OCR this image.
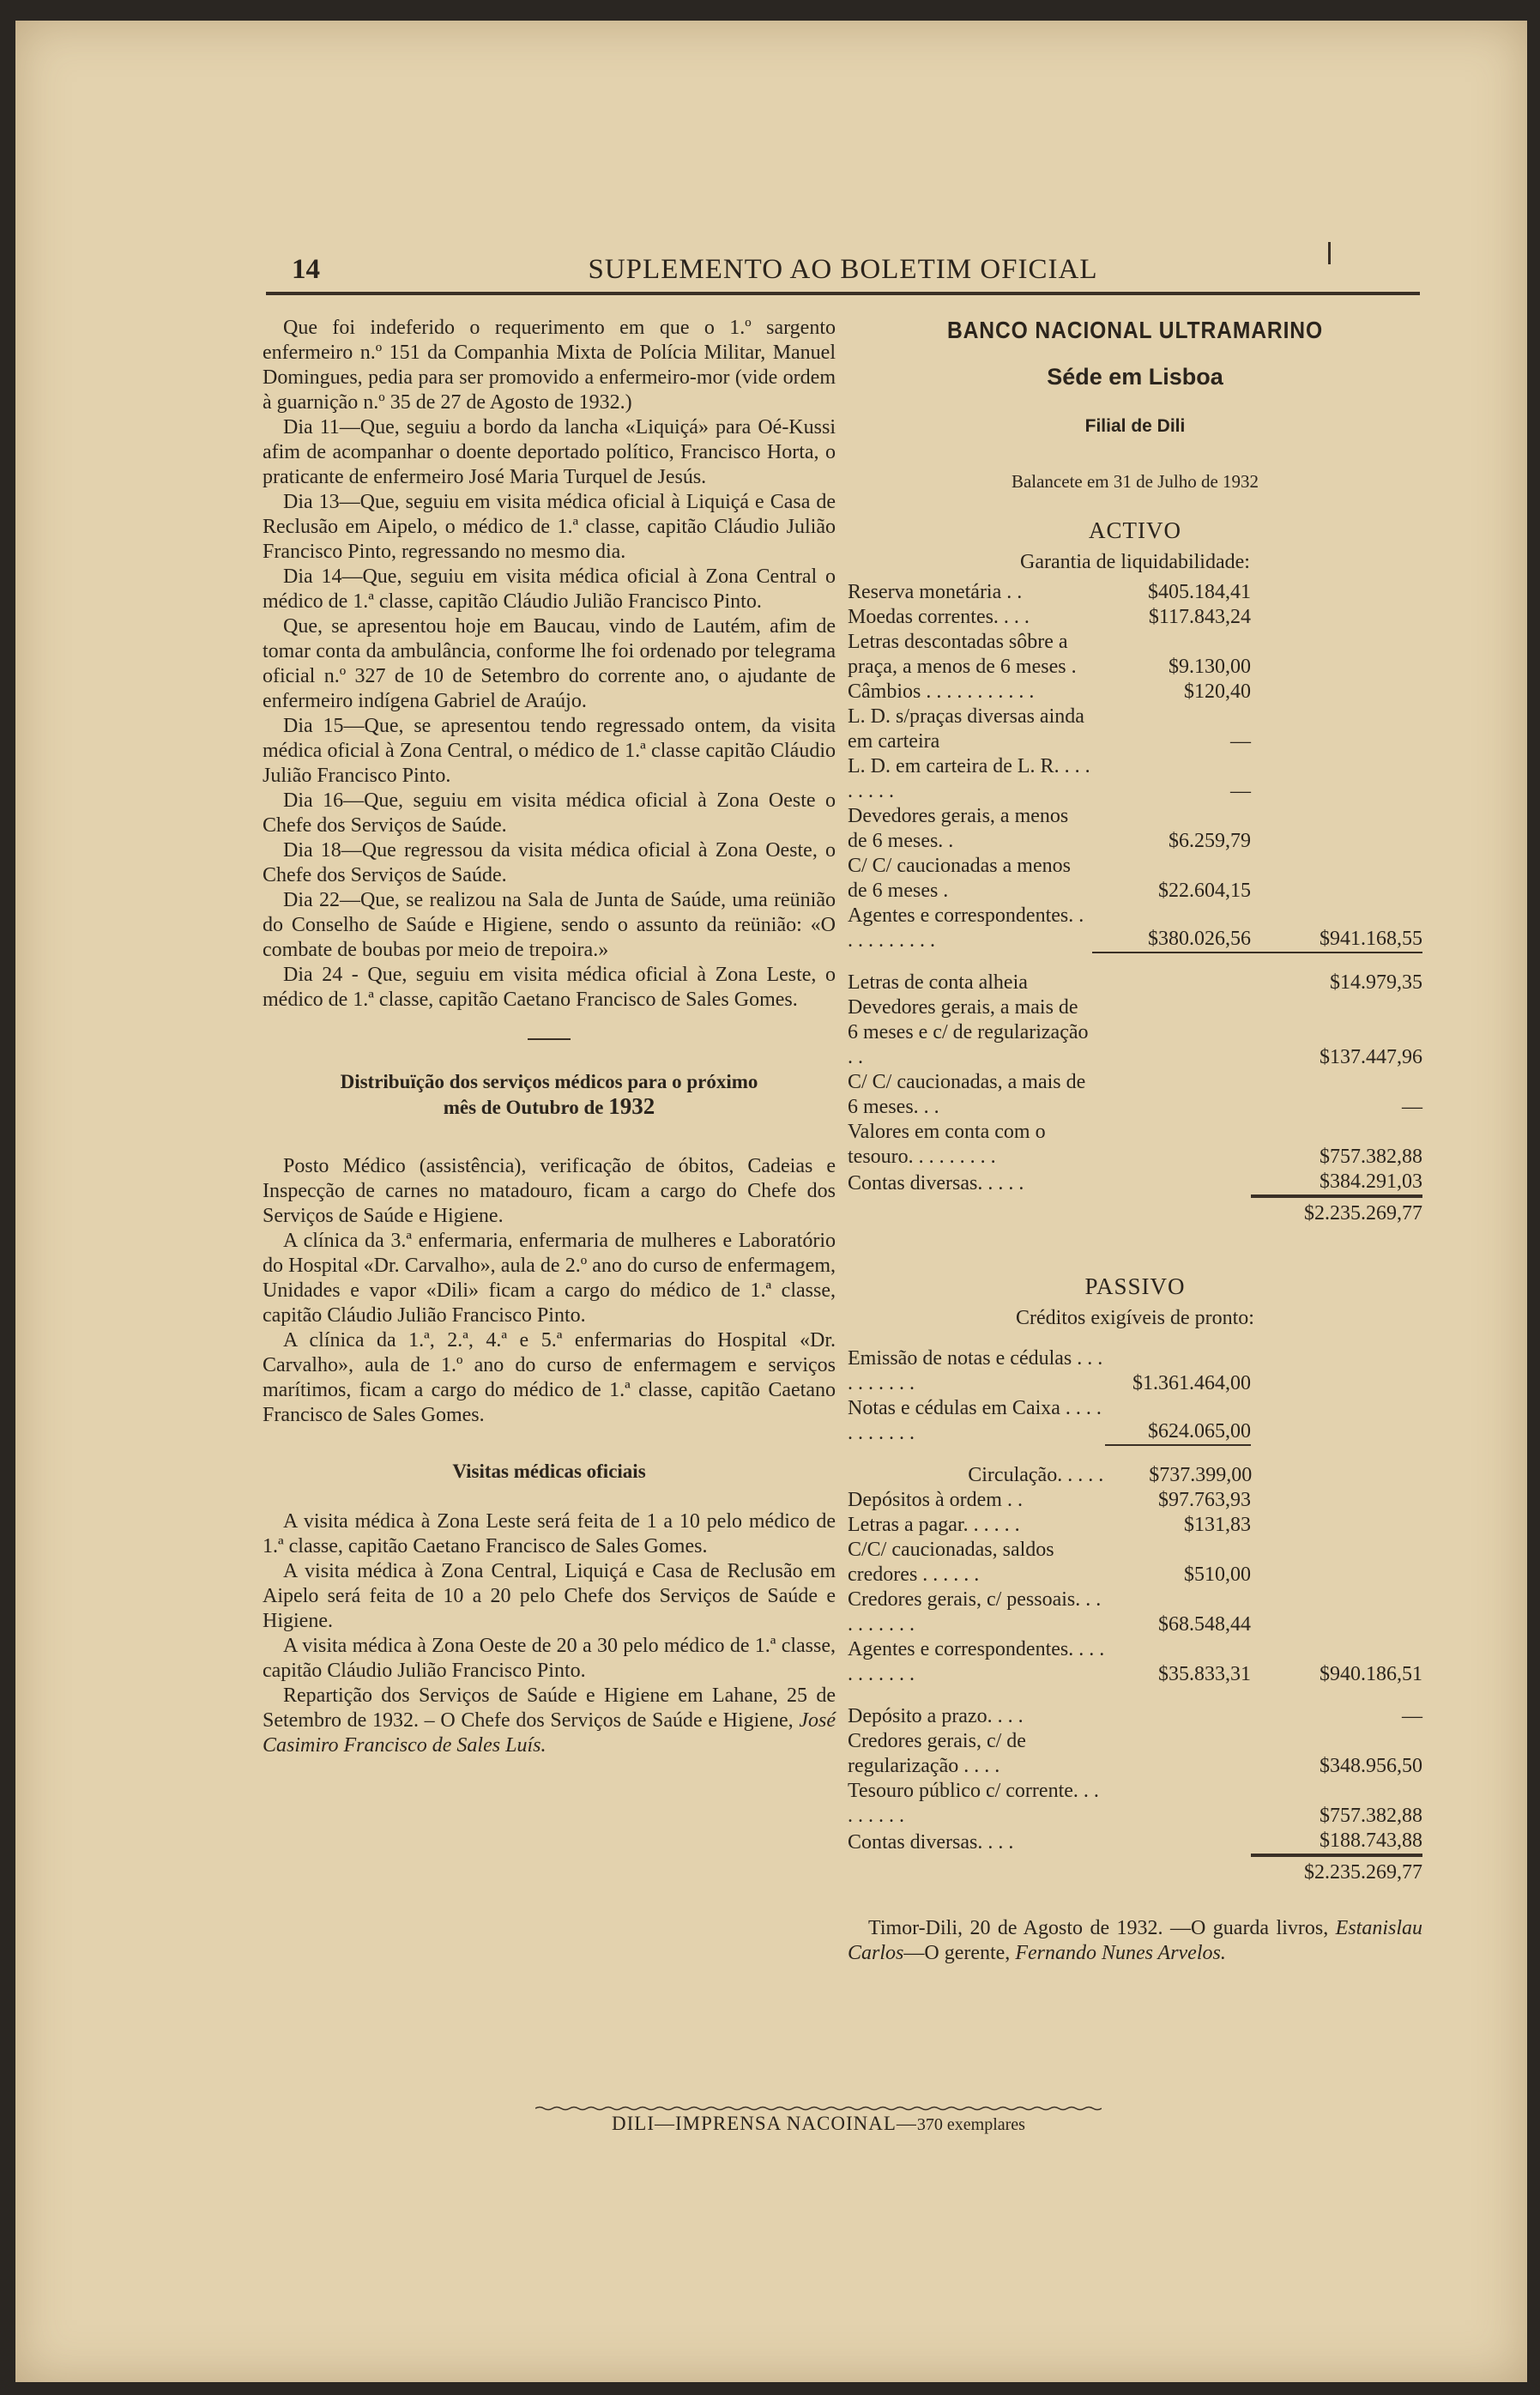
14	SUPLEMENTO AO BOLETIM OFICIAL

Que foi indeferido o requerimento em que o 1.º sargento enfermeiro n.º 151 da Companhia Mixta de Polícia Militar, Manuel Domingues, pedia para ser promovido a enfermeiro-mor (vide ordem à guarnição n.º 35 de 27 de Agosto de 1932.)

Dia 11—Que, seguiu a bordo da lancha «Liquiçá» para Oé-Kussi afim de acompanhar o doente deportado político, Francisco Horta, o praticante de enfermeiro José Maria Turquel de Jesús.

Dia 13—Que, seguiu em visita médica oficial à Liquiçá e Casa de Reclusão em Aipelo, o médico de 1.ª classe, capitão Cláudio Julião Francisco Pinto, regressando no mesmo dia.

Dia 14—Que, seguiu em visita médica oficial à Zona Central o médico de 1.ª classe, capitão Cláudio Julião Francisco Pinto.

Que, se apresentou hoje em Baucau, vindo de Lautém, afim de tomar conta da ambulância, conforme lhe foi ordenado por telegrama oficial n.º 327 de 10 de Setembro do corrente ano, o ajudante de enfermeiro indígena Gabriel de Araújo.

Dia 15—Que, se apresentou tendo regressado ontem, da visita médica oficial à Zona Central, o médico de 1.ª classe capitão Cláudio Julião Francisco Pinto.

Dia 16—Que, seguiu em visita médica oficial à Zona Oeste o Chefe dos Serviços de Saúde.

Dia 18—Que regressou da visita médica oficial à Zona Oeste, o Chefe dos Serviços de Saúde.

Dia 22—Que, se realizou na Sala de Junta de Saúde, uma reünião do Conselho de Saúde e Higiene, sendo o assunto da reünião: «O combate de boubas por meio de trepoira.»

Dia 24 - Que, seguiu em visita médica oficial à Zona Leste, o médico de 1.ª classe, capitão Caetano Francisco de Sales Gomes.

Distribuïção dos serviços médicos para o próximo
mês de Outubro de 1932

Posto Médico (assistência), verificação de óbitos, Cadeias e Inspecção de carnes no matadouro, ficam a cargo do Chefe dos Serviços de Saúde e Higiene.

A clínica da 3.ª enfermaria, enfermaria de mulheres e Laboratório do Hospital «Dr. Carvalho», aula de 2.º ano do curso de enfermagem, Unidades e vapor «Dili» ficam a cargo do médico de 1.ª classe, capitão Cláudio Julião Francisco Pinto.

A clínica da 1.ª, 2.ª, 4.ª e 5.ª enfermarias do Hospital «Dr. Carvalho», aula de 1.º ano do curso de enfermagem e serviços marítimos, ficam a cargo do médico de 1.ª classe, capitão Caetano Francisco de Sales Gomes.

Visitas médicas oficiais

A visita médica à Zona Leste será feita de 1 a 10 pelo médico de 1.ª classe, capitão Caetano Francisco de Sales Gomes.

A visita médica à Zona Central, Liquiçá e Casa de Reclusão em Aipelo será feita de 10 a 20 pelo Chefe dos Serviços de Saúde e Higiene.

A visita médica à Zona Oeste de 20 a 30 pelo médico de 1.ª classe, capitão Cláudio Julião Francisco Pinto.

Repartição dos Serviços de Saúde e Higiene em Lahane, 25 de Setembro de 1932. – O Chefe dos Serviços de Saúde e Higiene, José Casimiro Francisco de Sales Luís.

BANCO NACIONAL ULTRAMARINO
Séde em Lisboa
Filial de Dili
Balancete em 31 de Julho de 1932
ACTIVO
Garantia de liquidabilidade:
Reserva monetária . .	$405.184,41
Moedas correntes. . . .	$117.843,24
Letras descontadas sôbre a praça, a menos de 6 meses .	$9.130,00
Câmbios . . . . . . . . . . .	$120,40
L. D. s/praças diversas ainda em carteira	—
L. D. em carteira de L. R. . . . . . . . .	—
Devedores gerais, a menos de 6 meses. .	$6.259,79
C/ C/ caucionadas a menos de 6 meses .	$22.604,15
Agentes e correspondentes. . . . . . . . . . .	$380.026,56	$941.168,55
Letras de conta alheia	$14.979,35
Devedores gerais, a mais de 6 meses e c/ de regularização . .	$137.447,96
C/ C/ caucionadas, a mais de 6 meses. . .	—
Valores em conta com o tesouro. . . . . . . . .	$757.382,88
Contas diversas. . . . .	$384.291,03
$2.235.269,77
PASSIVO
Créditos exigíveis de pronto:
Emissão de notas e cédulas . . . . . . . . . .	$1.361.464,00
Notas e cédulas em Caixa . . . . . . . . . . .	$624.065,00
Circulação. . . . .	$737.399,00
Depósitos à ordem . .	$97.763,93
Letras a pagar. . . . . .	$131,83
C/C/ caucionadas, saldos credores . . . . . .	$510,00
Credores gerais, c/ pessoais. . . . . . . . . .	$68.548,44
Agentes e correspondentes. . . . . . . . . . .	$35.833,31	$940.186,51
Depósito a prazo. . . .	—
Credores gerais, c/ de regularização . . . .	$348.956,50
Tesouro público c/ corrente. . . . . . . . .	$757.382,88
Contas diversas. . . .	$188.743,88
$2.235.269,77

Timor-Dili, 20 de Agosto de 1932. —O guarda livros, Estanislau Carlos—O gerente, Fernando Nunes Arvelos.

DILI—IMPRENSA NACOINAL—370 exemplares
